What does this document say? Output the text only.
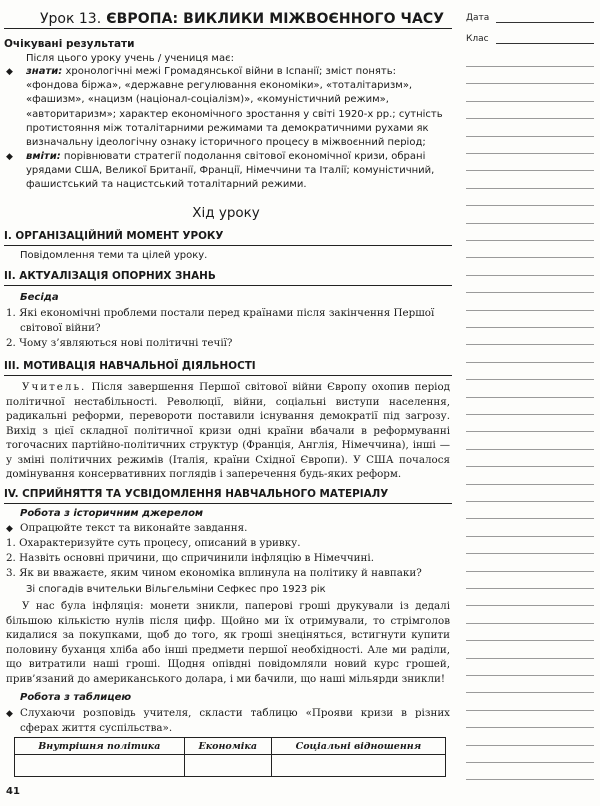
Дата
Клас
Урок 13. ЄВРОПА: ВИКЛИКИ МІЖВОЄННОГО ЧАСУ
Очікувані результати
Після цього уроку учень / учениця має:
◆ знати: хронологічні межі Громадянської війни в Іспанії; зміст понять: «фондова біржа», «державне регулювання економіки», «тоталітаризм», «фашизм», «нацизм (націонал-соціалізм)», «комуністичний режим», «авторитаризм»; характер економічного зростання у світі 1920-х рр.; сутність протистояння між тоталітарними режимами та демократичними рухами як визначальну ідеологічну ознаку історичного процесу в міжвоєнний період;
◆ вміти: порівнювати стратегії подолання світової економічної кризи, обрані урядами США, Великої Британії, Франції, Німеччини та Італії; комуністичний, фашистський та нацистський тоталітарний режими.
Хід уроку
І. ОРГАНІЗАЦІЙНИЙ МОМЕНТ УРОКУ
Повідомлення теми та цілей уроку.
ІІ. АКТУАЛІЗАЦІЯ ОПОРНИХ ЗНАНЬ
Бесіда
1. Які економічні проблеми постали перед країнами після закінчення Першої світової війни?
2. Чому з’являються нові політичні течії?
ІІІ. МОТИВАЦІЯ НАВЧАЛЬНОЇ ДІЯЛЬНОСТІ
Учитель. Після завершення Першої світової війни Європу охопив період політичної нестабільності. Революції, війни, соціальні виступи населення, радикальні реформи, перевороти поставили існування демократії під загрозу. Вихід з цієї складної політичної кризи одні країни вбачали в реформуванні тогочасних партійно-політичних структур (Франція, Англія, Німеччина), інші — у зміні політичних режимів (Італія, країни Східної Європи). У США почалося домінування консервативних поглядів і заперечення будь-яких реформ.
IV. СПРИЙНЯТТЯ ТА УСВІДОМЛЕННЯ НАВЧАЛЬНОГО МАТЕРІАЛУ
Робота з історичним джерелом
◆ Опрацюйте текст та виконайте завдання.
1. Охарактеризуйте суть процесу, описаний в уривку.
2. Назвіть основні причини, що спричинили інфляцію в Німеччині.
3. Як ви вважаєте, яким чином економіка вплинула на політику й навпаки?
Зі спогадів вчительки Вільгельміни Сефкес про 1923 рік
У нас була інфляція: монети зникли, паперові гроші друкували із дедалі більшою кількістю нулів після цифр. Щойно ми їх отримували, то стрімголов кидалися за покупками, щоб до того, як гроші знеціняться, встигнути купити половину буханця хліба або інші предмети першої необхідності. Але ми раділи, що витратили наші гроші. Щодня опівдні повідомляли новий курс грошей, прив’язаний до американського долара, і ми бачили, що наші мільярди зникли!
Робота з таблицею
◆ Слухаючи розповідь учителя, скласти таблицю «Прояви кризи в різних сферах життя суспільства».
Внутрішня політика	Економіка	Соціальні відношення

41
